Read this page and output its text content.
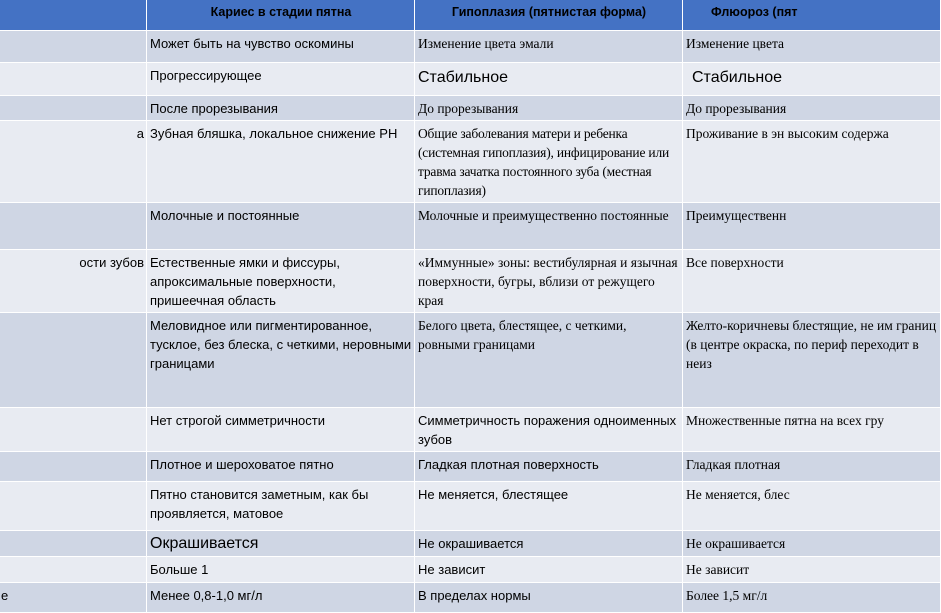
	Кариес в стадии пятна	Гипоплазия (пятнистая форма)	Флюороз (пят
	Может быть на чувство оскомины	Изменение цвета эмали	Изменение цвета
	Прогрессирующее	Стабильное	Стабильное
	После прорезывания	До прорезывания	До прорезывания
а	Зубная бляшка, локальное снижение РН	Общие заболевания матери и ребенка (системная гипоплазия), инфицирование или травма зачатка постоянного зуба (местная гипоплазия)	Проживание в эн высоким содержа
	Молочные и постоянные	Молочные и преимущественно постоянные	Преимущественн
ости зубов	Естественные ямки и фиссуры, апроксимальные поверхности, пришеечная область	«Иммунные» зоны: вестибулярная и язычная поверхности, бугры, вблизи от режущего края	Все поверхности
	Меловидное или пигментированное, тусклое, без блеска, с четкими, неровными границами	Белого цвета, блестящее, с четкими, ровными границами	Желто-коричневы блестящие, не им границ (в центре окраска, по периф переходит в неиз
	Нет строгой симметричности	Симметричность поражения одноименных зубов	Множественные пятна на всех гру
	Плотное и шероховатое пятно	Гладкая плотная поверхность	Гладкая плотная
	Пятно становится заметным, как бы проявляется, матовое	Не меняется, блестящее	Не меняется, блес
	Окрашивается	Не окрашивается	Не окрашивается
	Больше 1	Не зависит	Не зависит
е	Менее 0,8-1,0 мг/л	В пределах нормы	Более 1,5 мг/л
